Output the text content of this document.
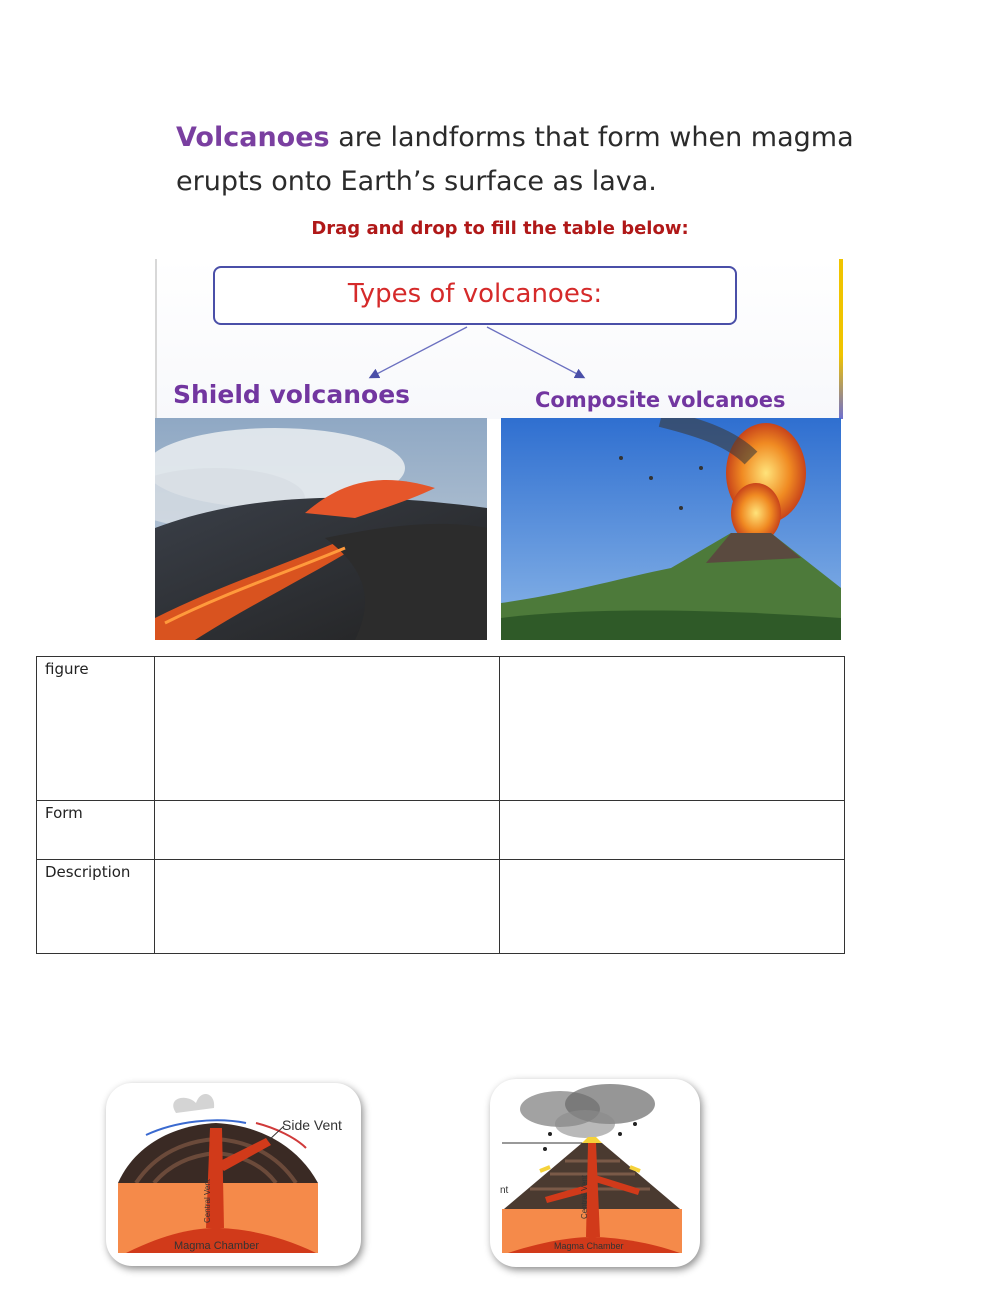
Volcanoes are landforms that form when magma erupts onto Earth’s surface as lava.
Drag and drop to fill the table below:
Types of volcanoes:
Shield volcanoes	Composite volcanoes
figure		
Form		
Description		
Side Vent
Central Vent
Magma Chamber
nt	Central Vent
Magma Chamber
